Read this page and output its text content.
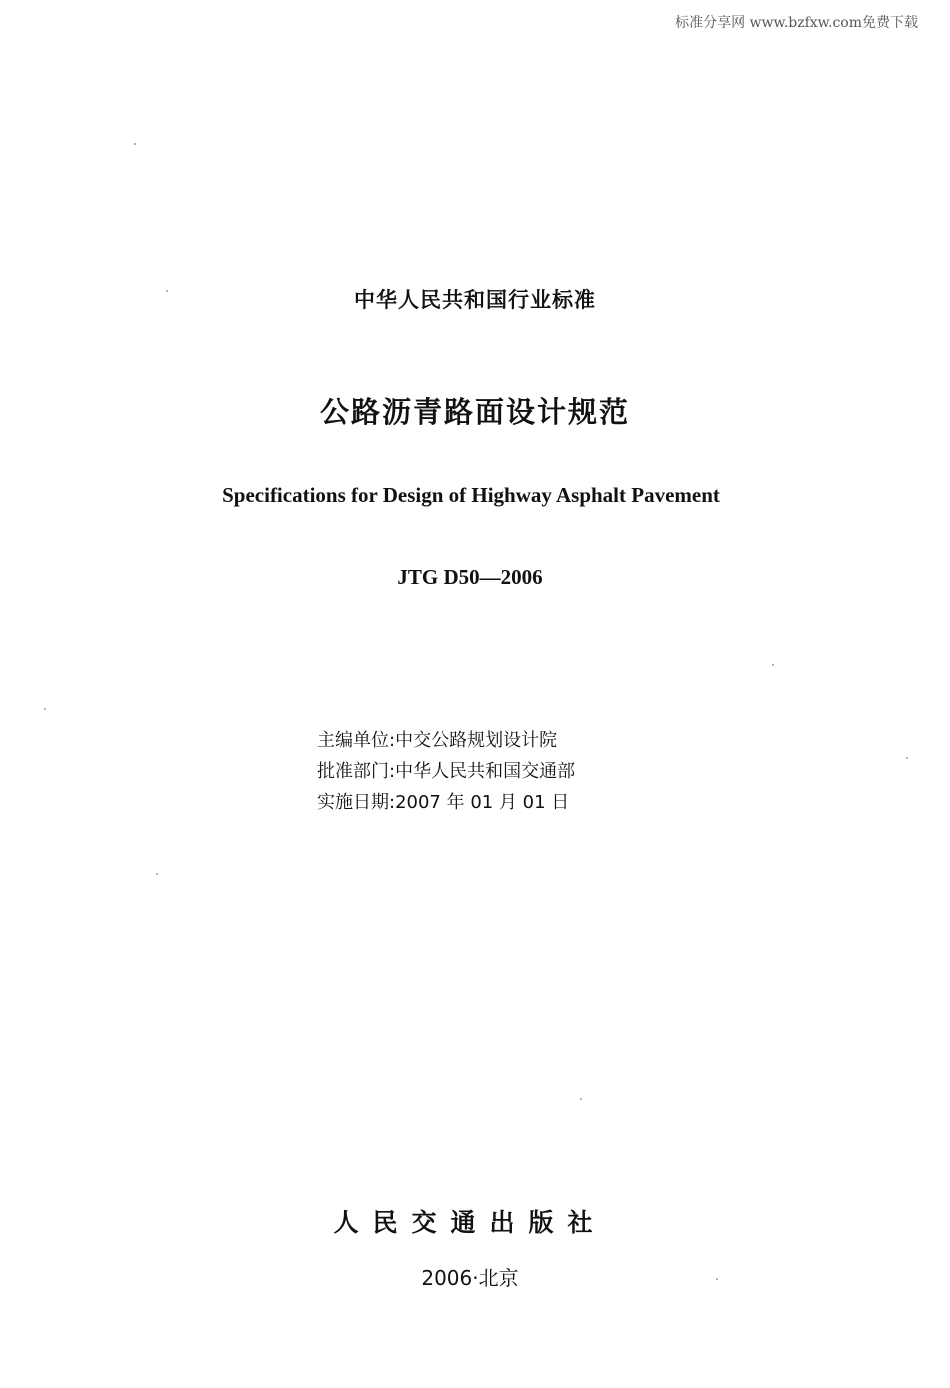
标准分享网 www.bzfxw.com免费下载
中华人民共和国行业标准
公路沥青路面设计规范
Specifications for Design of Highway Asphalt Pavement
JTG D50—2006
主编单位:中交公路规划设计院
批准部门:中华人民共和国交通部
实施日期:2007 年 01 月 01 日
人民交通出版社
2006·北京
